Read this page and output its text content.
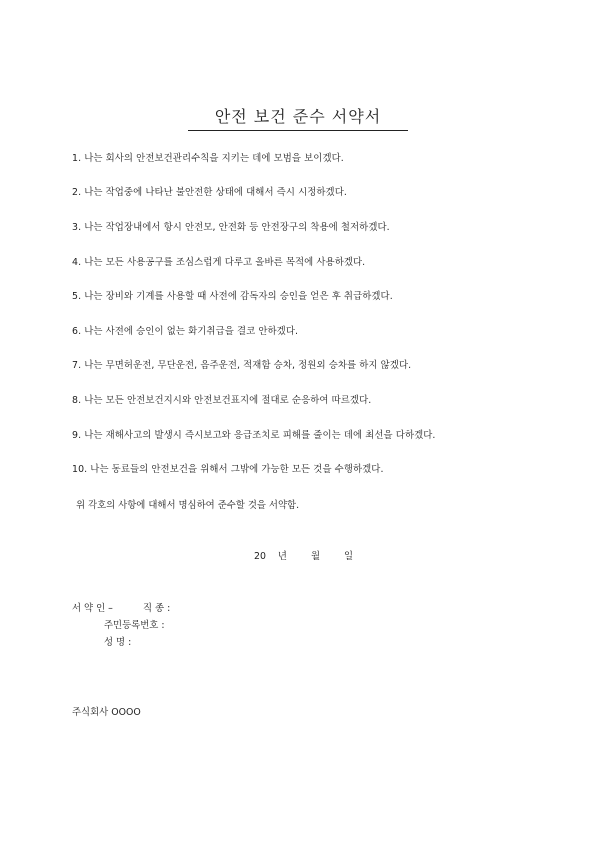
안전 보건 준수 서약서
1. 나는 회사의 안전보건관리수칙을 지키는 데에 모범을 보이겠다.
2. 나는 작업중에 나타난 불안전한 상태에 대해서 즉시 시정하겠다.
3. 나는 작업장내에서 항시 안전모, 안전화 등 안전장구의 착용에 철저하겠다.
4. 나는 모든 사용공구를 조심스럽게 다루고 올바른 목적에 사용하겠다.
5. 나는 장비와 기계를 사용할 때 사전에 감독자의 승인을 얻은 후 취급하겠다.
6. 나는 사전에 승인이 없는 화기취급을 결코 안하겠다.
7. 나는 무면허운전, 무단운전, 음주운전, 적재함 승차, 정원외 승차를 하지 않겠다.
8. 나는 모든 안전보건지시와 안전보건표지에 절대로 순응하여 따르겠다.
9. 나는 재해사고의 발생시 즉시보고와 응급조치로 피해를 줄이는 데에 최선을 다하겠다.
10. 나는 동료들의 안전보건을 위해서 그밖에 가능한 모든 것을 수행하겠다.
위 각호의 사항에 대해서 명심하여 준수할 것을 서약함.
20 년	월	일
서 약 인 –	직 종 :
주민등록번호 :
성 명 :
주식회사 OOOO
